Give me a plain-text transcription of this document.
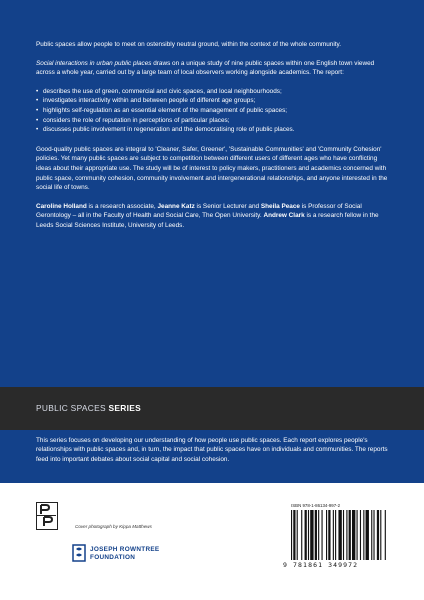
Public spaces allow people to meet on ostensibly neutral ground, within the context of the whole community.

Social interactions in urban public places draws on a unique study of nine public spaces within one English town viewed across a whole year, carried out by a large team of local observers working alongside academics. The report:

• describes the use of green, commercial and civic spaces, and local neighbourhoods;
• investigates interactivity within and between people of different age groups;
• highlights self-regulation as an essential element of the management of public spaces;
• considers the role of reputation in perceptions of particular places;
• discusses public involvement in regeneration and the democratising role of public places.

Good-quality public spaces are integral to 'Cleaner, Safer, Greener', 'Sustainable Communities' and 'Community Cohesion' policies. Yet many public spaces are subject to competition between different users of different ages who have conflicting ideas about their appropriate use. The study will be of interest to policy makers, practitioners and academics concerned with public space, community cohesion, community involvement and intergenerational relationships, and anyone interested in the social life of towns.

Caroline Holland is a research associate, Jeanne Katz is Senior Lecturer and Sheila Peace is Professor of Social Gerontology – all in the Faculty of Health and Social Care, The Open University. Andrew Clark is a research fellow in the Leeds Social Sciences Institute, University of Leeds.

PUBLIC SPACES SERIES
This series focuses on developing our understanding of how people use public spaces. Each report explores people's relationships with public spaces and, in turn, the impact that public spaces have on individuals and communities. The reports feed into important debates about social capital and social cohesion.
Cover photograph by Kippa Matthews
JOSEPH ROWNTREE
FOUNDATION
ISBN 978-1-86134-997-2
9 781861 349972
